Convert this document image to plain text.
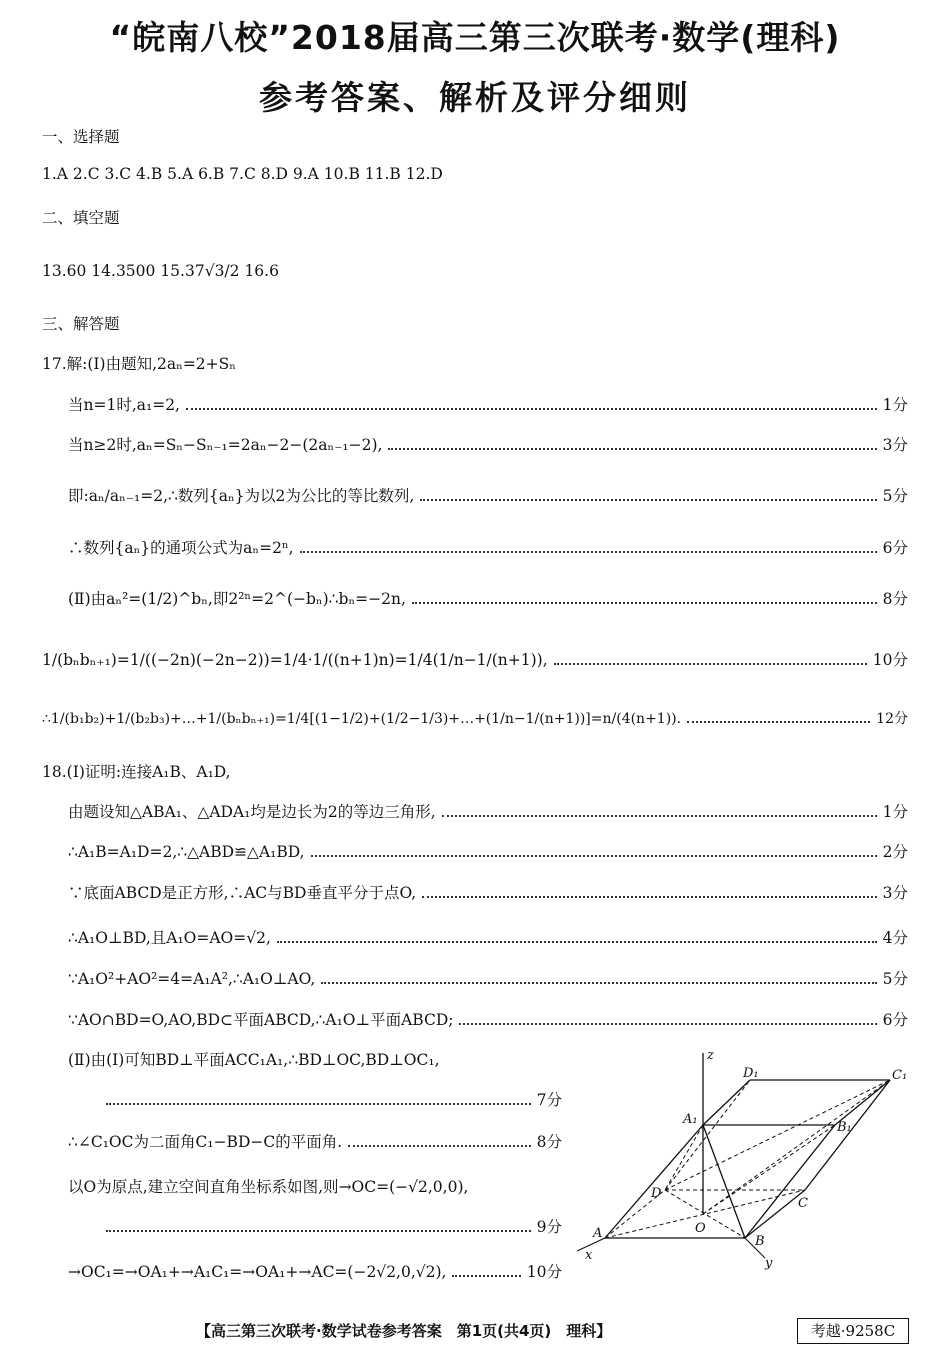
“皖南八校”2018届高三第三次联考·数学(理科)
参考答案、解析及评分细则
一、选择题
1.A 2.C 3.C 4.B 5.A 6.B 7.C 8.D 9.A 10.B 11.B 12.D
二、填空题
13.60 14.3500 15.37√3/2 16.6
三、解答题
17.解:(Ⅰ)由题知,2aₙ=2+Sₙ
当n=1时,a₁=2,	1分
当n≥2时,aₙ=Sₙ−Sₙ₋₁=2aₙ−2−(2aₙ₋₁−2),	3分
即:aₙ/aₙ₋₁=2,∴数列{aₙ}为以2为公比的等比数列,	5分
∴数列{aₙ}的通项公式为aₙ=2ⁿ,	6分
(Ⅱ)由aₙ²=(1/2)^bₙ,即2²ⁿ=2^(−bₙ)∴bₙ=−2n,	8分
1/(bₙbₙ₊₁)=1/((−2n)(−2n−2))=1/4·1/((n+1)n)=1/4(1/n−1/(n+1)),	10分
∴1/(b₁b₂)+1/(b₂b₃)+…+1/(bₙbₙ₊₁)=1/4[(1−1/2)+(1/2−1/3)+…+(1/n−1/(n+1))]=n/(4(n+1)).	12分
18.(Ⅰ)证明:连接A₁B、A₁D,
由题设知△ABA₁、△ADA₁均是边长为2的等边三角形,	1分
∴A₁B=A₁D=2,∴△ABD≌△A₁BD,	2分
∵底面ABCD是正方形,∴AC与BD垂直平分于点O,	3分
∴A₁O⊥BD,且A₁O=AO=√2,	4分
∵A₁O²+AO²=4=A₁A²,∴A₁O⊥AO,	5分
∵AO∩BD=O,AO,BD⊂平面ABCD,∴A₁O⊥平面ABCD;	6分
(Ⅱ)由(Ⅰ)可知BD⊥平面ACC₁A₁,∴BD⊥OC,BD⊥OC₁,
7分
∴∠C₁OC为二面角C₁−BD−C的平面角.	8分
以O为原点,建立空间直角坐标系如图,则→OC=(−√2,0,0),
9分
→OC₁=→OA₁+→A₁C₁=→OA₁+→AC=(−2√2,0,√2),	10分
z
D₁	C₁
A₁
B₁
D
C
O
A
B
x
y
【高三第三次联考·数学试卷参考答案　第1页(共4页)　理科】	考越·9258C
